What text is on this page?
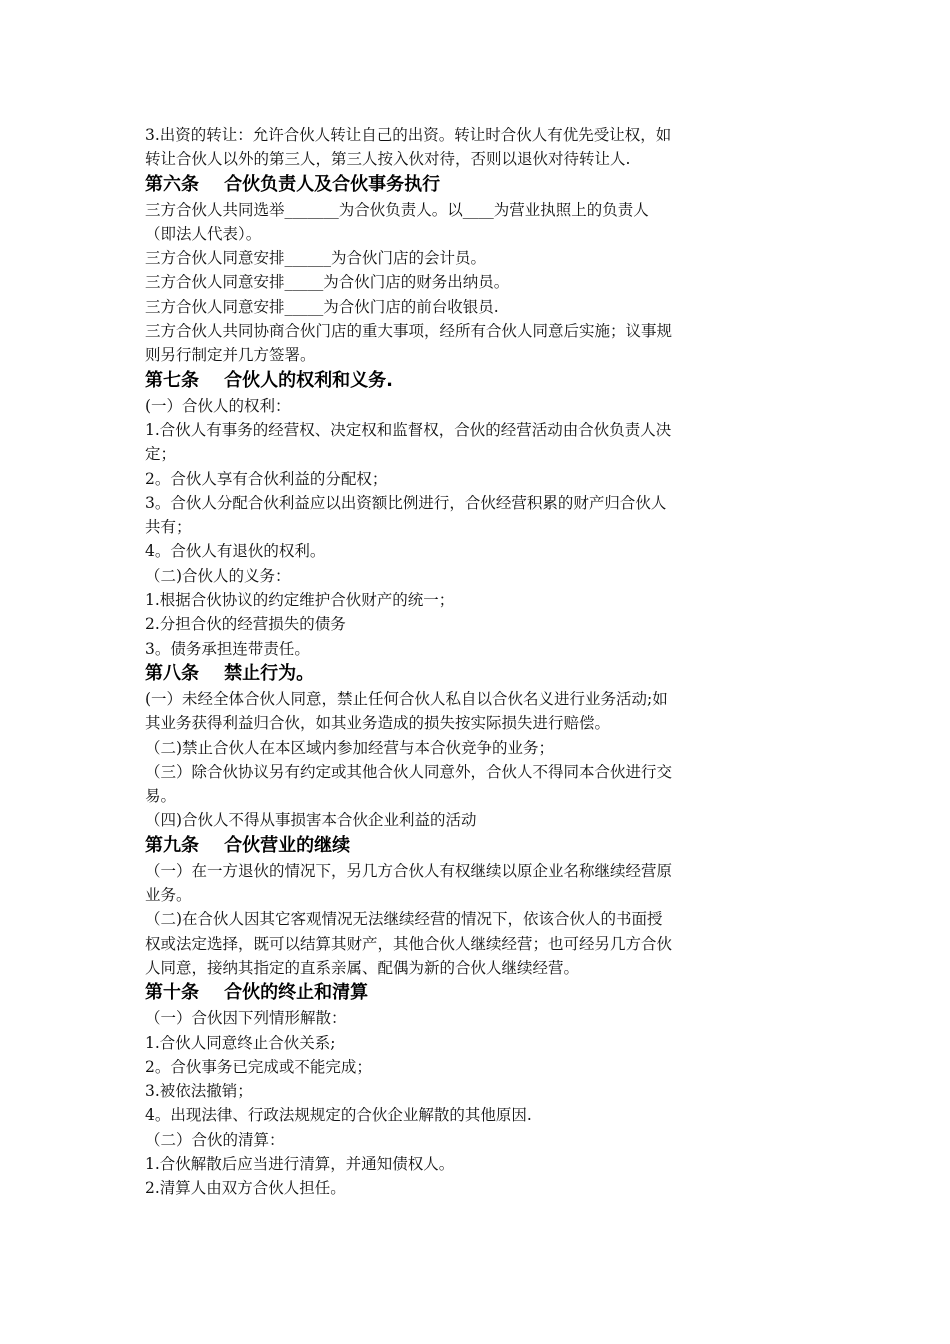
3.出资的转让：允许合伙人转让自己的出资。转让时合伙人有优先受让权，如
转让合伙人以外的第三人，第三人按入伙对待，否则以退伙对待转让人.
第六条    合伙负责人及合伙事务执行
三方合伙人共同选举_______为合伙负责人。以____为营业执照上的负责人
（即法人代表）。
三方合伙人同意安排______为合伙门店的会计员。
三方合伙人同意安排_____为合伙门店的财务出纳员。
三方合伙人同意安排_____为合伙门店的前台收银员.
三方合伙人共同协商合伙门店的重大事项，经所有合伙人同意后实施；议事规
则另行制定并几方签署。
第七条    合伙人的权利和义务.
(一）合伙人的权利：
1.合伙人有事务的经营权、决定权和监督权，合伙的经营活动由合伙负责人决
定；
2。合伙人享有合伙利益的分配权；
3。合伙人分配合伙利益应以出资额比例进行，合伙经营积累的财产归合伙人
共有；
4。合伙人有退伙的权利。
（二)合伙人的义务：
1.根据合伙协议的约定维护合伙财产的统一；
2.分担合伙的经营损失的债务
3。债务承担连带责任。
第八条    禁止行为。
(一）未经全体合伙人同意，禁止任何合伙人私自以合伙名义进行业务活动;如
其业务获得利益归合伙，如其业务造成的损失按实际损失进行赔偿。
（二)禁止合伙人在本区域内参加经营与本合伙竞争的业务；
（三）除合伙协议另有约定或其他合伙人同意外，合伙人不得同本合伙进行交
易。
（四)合伙人不得从事损害本合伙企业利益的活动
第九条    合伙营业的继续
（一）在一方退伙的情况下，另几方合伙人有权继续以原企业名称继续经营原
业务。
（二)在合伙人因其它客观情况无法继续经营的情况下，依该合伙人的书面授
权或法定选择，既可以结算其财产，其他合伙人继续经营；也可经另几方合伙
人同意，接纳其指定的直系亲属、配偶为新的合伙人继续经营。
第十条    合伙的终止和清算
（一）合伙因下列情形解散：
1.合伙人同意终止合伙关系;
2。合伙事务已完成或不能完成；
3.被依法撤销；
4。出现法律、行政法规规定的合伙企业解散的其他原因.
（二）合伙的清算：
1.合伙解散后应当进行清算，并通知债权人。
2.清算人由双方合伙人担任。
